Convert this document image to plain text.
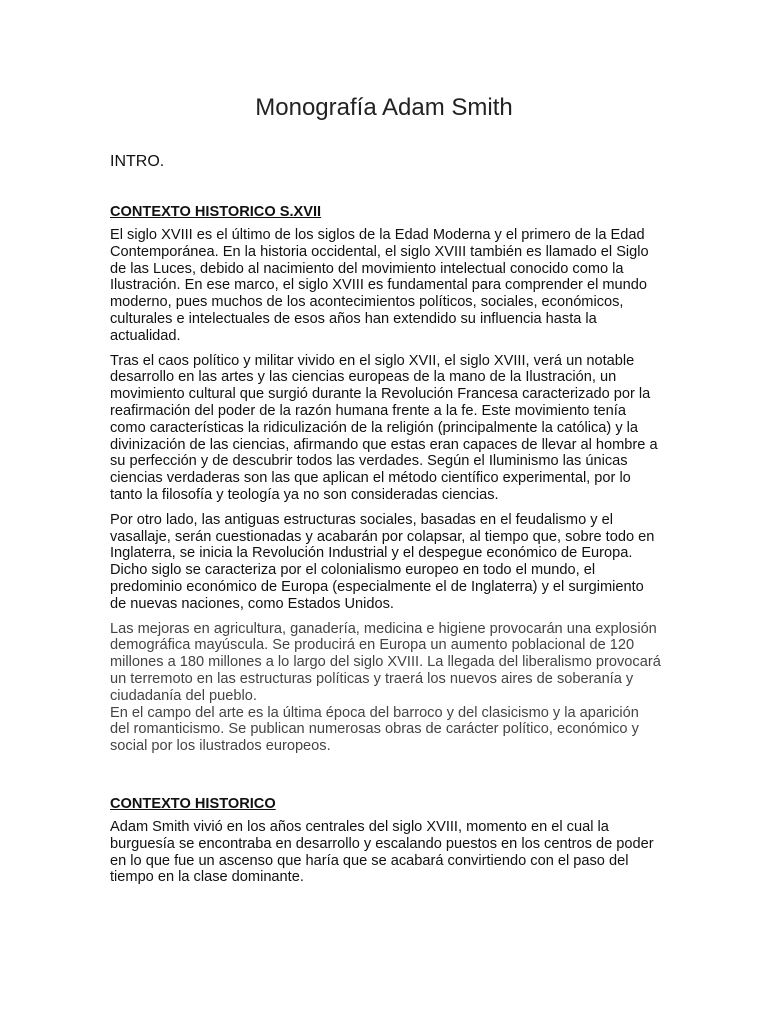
Monografía Adam Smith

INTRO.

CONTEXTO HISTORICO S.XVII

El siglo XVIII es el último de los siglos de la Edad Moderna y el primero de la Edad Contemporánea. En la historia occidental, el siglo XVIII también es llamado el Siglo de las Luces, debido al nacimiento del movimiento intelectual conocido como la Ilustración. En ese marco, el siglo XVIII es fundamental para comprender el mundo moderno, pues muchos de los acontecimientos políticos, sociales, económicos, culturales e intelectuales de esos años han extendido su influencia hasta la actualidad.

Tras el caos político y militar vivido en el siglo XVII, el siglo XVIII, verá un notable desarrollo en las artes y las ciencias europeas de la mano de la Ilustración, un movimiento cultural que surgió durante la Revolución Francesa caracterizado por la reafirmación del poder de la razón humana frente a la fe. Este movimiento tenía como características la ridiculización de la religión (principalmente la católica) y la divinización de las ciencias, afirmando que estas eran capaces de llevar al hombre a su perfección y de descubrir todos las verdades. Según el Iluminismo las únicas ciencias verdaderas son las que aplican el método científico experimental, por lo tanto la filosofía y teología ya no son consideradas ciencias.

Por otro lado, las antiguas estructuras sociales, basadas en el feudalismo y el vasallaje, serán cuestionadas y acabarán por colapsar, al tiempo que, sobre todo en Inglaterra, se inicia la Revolución Industrial y el despegue económico de Europa. Dicho siglo se caracteriza por el colonialismo europeo en todo el mundo, el predominio económico de Europa (especialmente el de Inglaterra) y el surgimiento de nuevas naciones, como Estados Unidos.

Las mejoras en agricultura, ganadería, medicina e higiene provocarán una explosión demográfica mayúscula. Se producirá en Europa un aumento poblacional de 120 millones a 180 millones a lo largo del siglo XVIII. La llegada del liberalismo provocará un terremoto en las estructuras políticas y traerá los nuevos aires de soberanía y ciudadanía del pueblo.
En el campo del arte es la última época del barroco y del clasicismo y la aparición del romanticismo. Se publican numerosas obras de carácter político, económico y social por los ilustrados europeos.

CONTEXTO HISTORICO

Adam Smith vivió en los años centrales del siglo XVIII, momento en el cual la burguesía se encontraba en desarrollo y escalando puestos en los centros de poder en lo que fue un ascenso que haría que se acabará convirtiendo con el paso del tiempo en la clase dominante.
